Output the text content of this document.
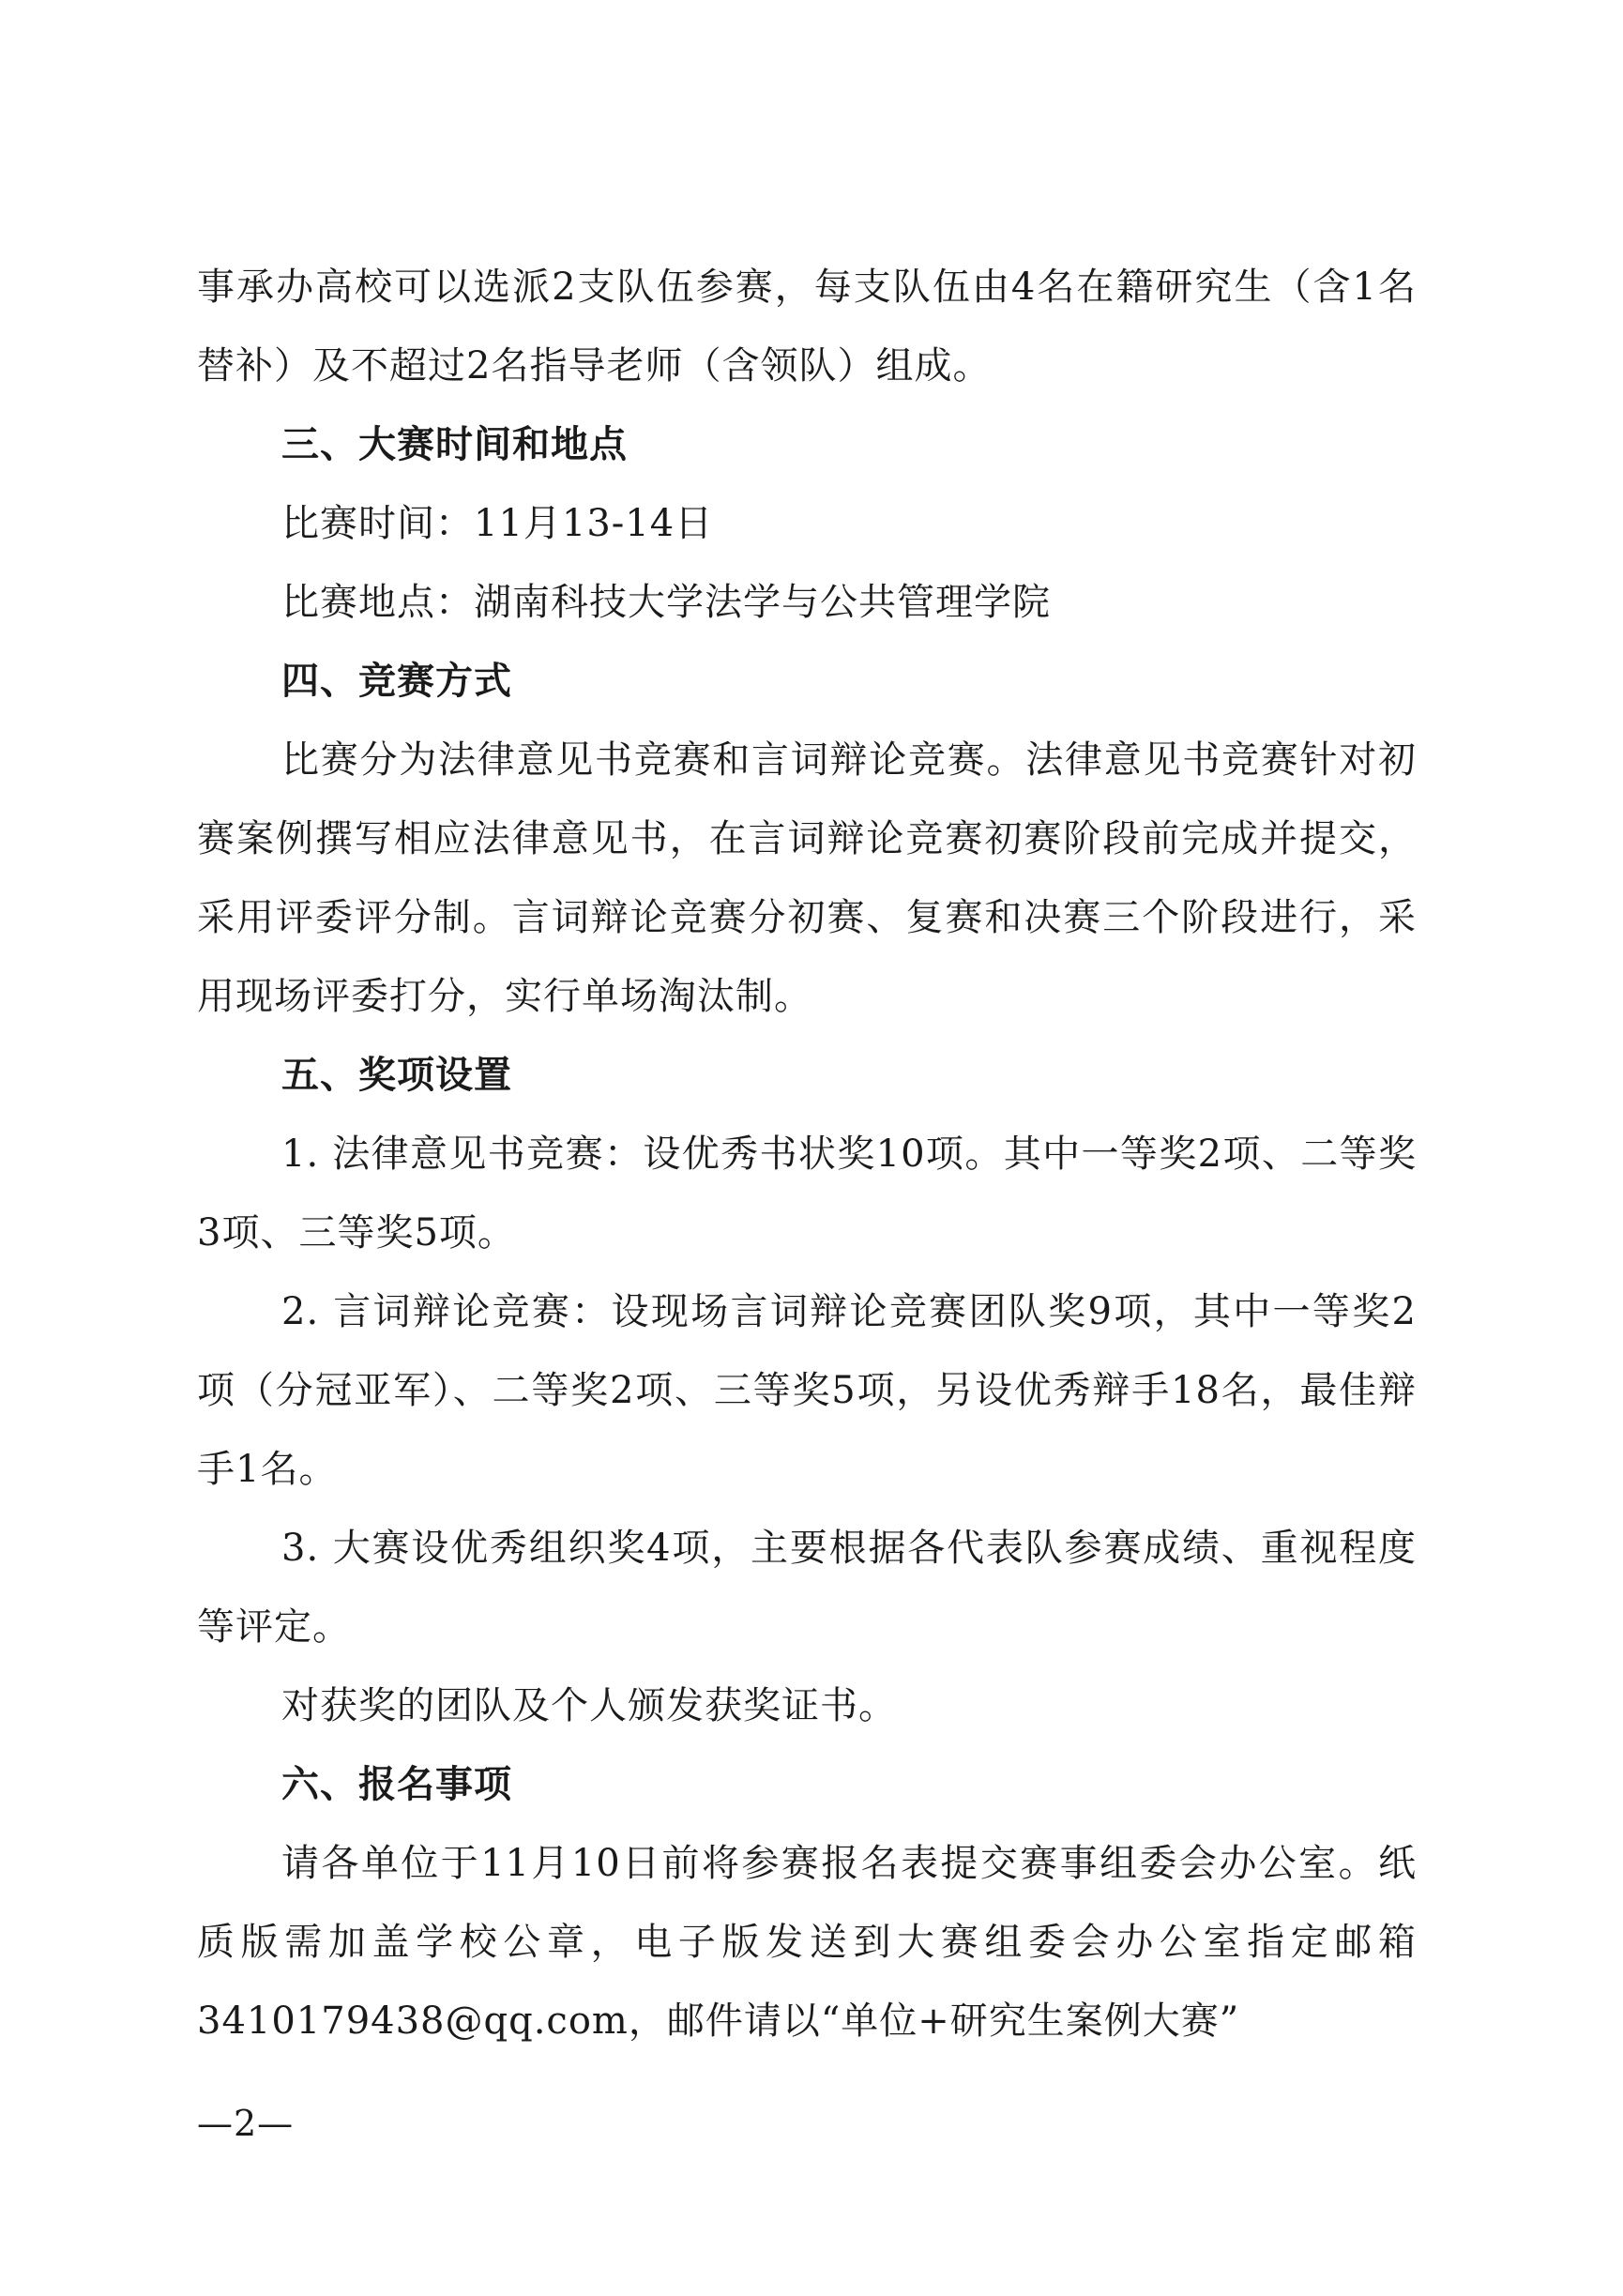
事承办高校可以选派2支队伍参赛，每支队伍由4名在籍研究生（含1名替补）及不超过2名指导老师（含领队）组成。

三、大赛时间和地点

比赛时间：11月13-14日

比赛地点：湖南科技大学法学与公共管理学院

四、竞赛方式

比赛分为法律意见书竞赛和言词辩论竞赛。法律意见书竞赛针对初赛案例撰写相应法律意见书，在言词辩论竞赛初赛阶段前完成并提交，采用评委评分制。言词辩论竞赛分初赛、复赛和决赛三个阶段进行，采用现场评委打分，实行单场淘汰制。

五、奖项设置

1. 法律意见书竞赛：设优秀书状奖10项。其中一等奖2项、二等奖3项、三等奖5项。

2. 言词辩论竞赛：设现场言词辩论竞赛团队奖9项，其中一等奖2项（分冠亚军）、二等奖2项、三等奖5项，另设优秀辩手18名，最佳辩手1名。

3. 大赛设优秀组织奖4项，主要根据各代表队参赛成绩、重视程度等评定。

对获奖的团队及个人颁发获奖证书。

六、报名事项

请各单位于11月10日前将参赛报名表提交赛事组委会办公室。纸质版需加盖学校公章，电子版发送到大赛组委会办公室指定邮箱 3410179438@qq.com，邮件请以“单位+研究生案例大赛”

—2—
